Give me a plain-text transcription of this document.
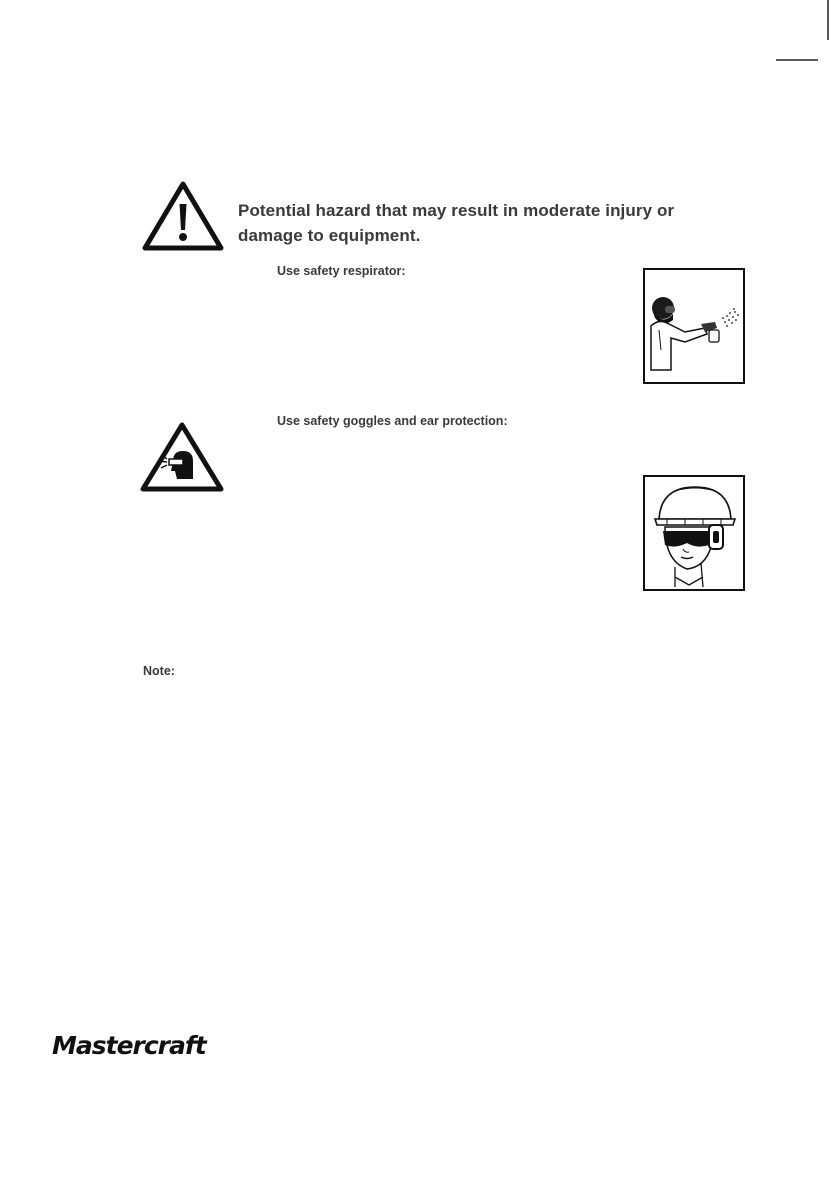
Potential hazard that may result in moderate injury or damage to equipment.
Use safety respirator:
Use safety goggles and ear protection:
Note:
Mastercraft
